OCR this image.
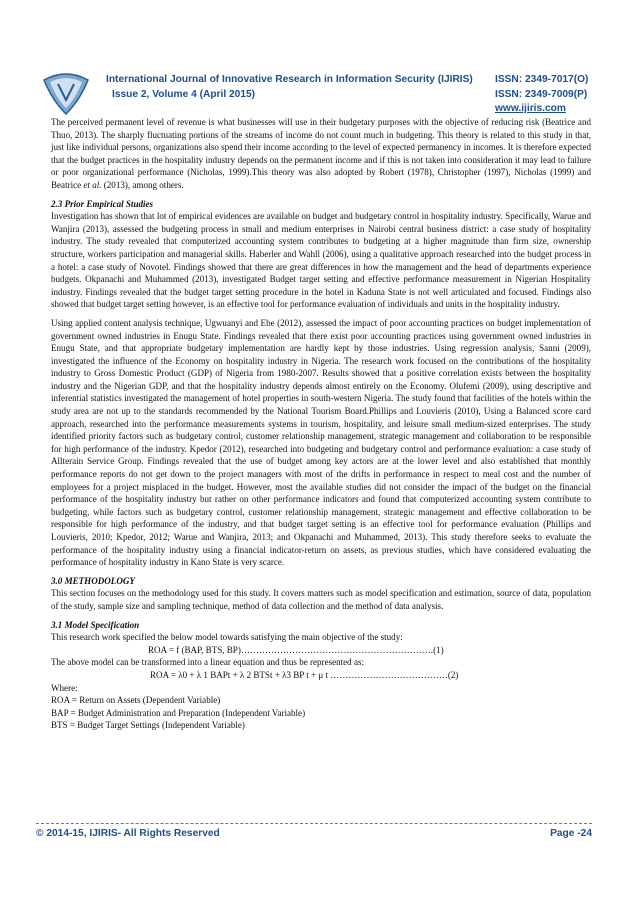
International Journal of Innovative Research in Information Security (IJIRIS)
Issue 2, Volume 4 (April 2015)
ISSN: 2349-7017(O)
ISSN: 2349-7009(P)
www.ijiris.com

The perceived permanent level of revenue is what businesses will use in their budgetary purposes with the objective of reducing risk (Beatrice and Thuo, 2013). The sharply fluctuating portions of the streams of income do not count much in budgeting. This theory is related to this study in that, just like individual persons, organizations also spend their income according to the level of expected permanency in incomes. It is therefore expected that the budget practices in the hospitality industry depends on the permanent income and if this is not taken into consideration it may lead to failure or poor organizational performance (Nicholas, 1999).This theory was also adopted by Robert (1978), Christopher (1997), Nicholas (1999) and Beatrice et al. (2013), among others.

2.3 Prior Empirical Studies

Investigation has shown that lot of empirical evidences are available on budget and budgetary control in hospitality industry. Specifically, Warue and Wanjira (2013), assessed the budgeting process in small and medium enterprises in Nairobi central business district: a case study of hospitality industry. The study revealed that computerized accounting system contributes to budgeting at a higher magnitude than firm size, ownership structure, workers participation and managerial skills. Haberler and Wahll (2006), using a qualitative approach researched into the budget process in a hotel: a case study of Novotel. Findings showed that there are great differences in how the management and the head of departments experience budgets. Okpanachi and Muhammed (2013), investigated Budget target setting and effective performance measurement in Nigerian Hospitality industry. Findings revealed that the budget target setting procedure in the hotel in Kaduna State is not well articulated and focused. Findings also showed that budget target setting however, is an effective tool for performance evaluation of individuals and units in the hospitality industry.

Using applied content analysis technique, Ugwuanyi and Ebe (2012), assessed the impact of poor accounting practices on budget implementation of government owned industries in Enugu State. Findings revealed that there exist poor accounting practices using government owned industries in Enugu State, and that appropriate budgetary implementation are hardly kept by those industries. Using regression analysis, Sanni (2009), investigated the influence of the Economy on hospitality industry in Nigeria. The research work focused on the contributions of the hospitality industry to Gross Domestic Product (GDP) of Nigeria from 1980-2007. Results showed that a positive correlation exists between the hospitality industry and the Nigerian GDP, and that the hospitality industry depends almost entirely on the Economy. Olufemi (2009), using descriptive and inferential statistics investigated the management of hotel properties in south-western Nigeria. The study found that facilities of the hotels within the study area are not up to the standards recommended by the National Tourism Board.Phillips and Louvieris (2010), Using a Balanced score card approach, researched into the performance measurements systems in tourism, hospitality, and leisure small medium-sized enterprises. The study identified priority factors such as budgetary control, customer relationship management, strategic management and collaboration to be responsible for high performance of the industry. Kpedor (2012), researched into budgeting and budgetary control and performance evaluation: a case study of Allterain Service Group. Findings revealed that the use of budget among key actors are at the lower level and also established that monthly performance reports do not get down to the project managers with most of the drifts in performance in respect to meal cost and the number of employees for a project misplaced in the budget. However, most the available studies did not consider the impact of the budget on the financial performance of the hospitality industry but rather on other performance indicators and found that computerized accounting system contribute to budgeting, while factors such as budgetary control, customer relationship management, strategic management and effective collaboration to be responsible for high performance of the industry, and that budget target setting is an effective tool for performance evaluation (Phillips and Louvieris, 2010; Kpedor, 2012; Warue and Wanjira, 2013; and Okpanachi and Muhammed, 2013). This study therefore seeks to evaluate the performance of the hospitality industry using a financial indicator-return on assets, as previous studies, which have considered evaluating the performance of hospitality industry in Kano State is very scarce.

3.0 METHODOLOGY

This section focuses on the methodology used for this study. It covers matters such as model specification and estimation, source of data, population of the study, sample size and sampling technique, method of data collection and the method of data analysis.

3.1 Model Specification

This research work specified the below model towards satisfying the main objective of the study:

ROA = f (BAP, BTS, BP)……………………………………………………….(1)

The above model can be transformed into a linear equation and thus be represented as:

ROA = λ0 + λ 1 BAPt + λ 2 BTSt + λ3 BP t + μ t …………………………………(2)
Where:
ROA = Return on Assets (Dependent Variable)
BAP = Budget Administration and Preparation (Independent Variable)
BTS = Budget Target Settings (Independent Variable)
© 2014-15, IJIRIS- All Rights Reserved	Page -24
